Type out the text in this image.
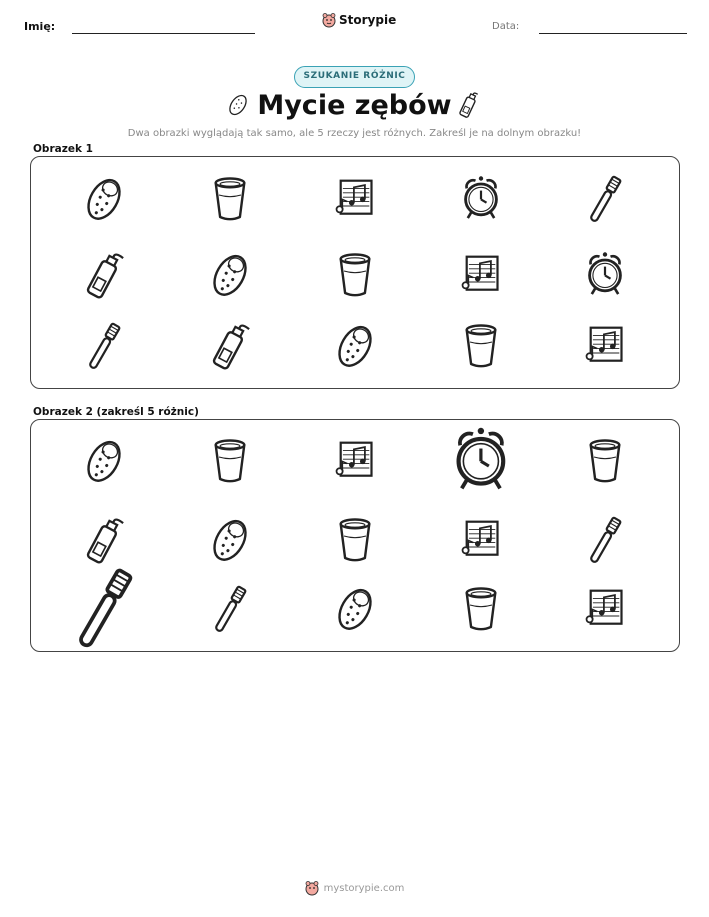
Imię:	Storypie	Data:
SZUKANIE RÓŻNIC
Mycie zębów
Dwa obrazki wyglądają tak samo, ale 5 rzeczy jest różnych. Zakreśl je na dolnym obrazku!
Obrazek 1
Obrazek 2 (zakreśl 5 różnic)
mystorypie.com
